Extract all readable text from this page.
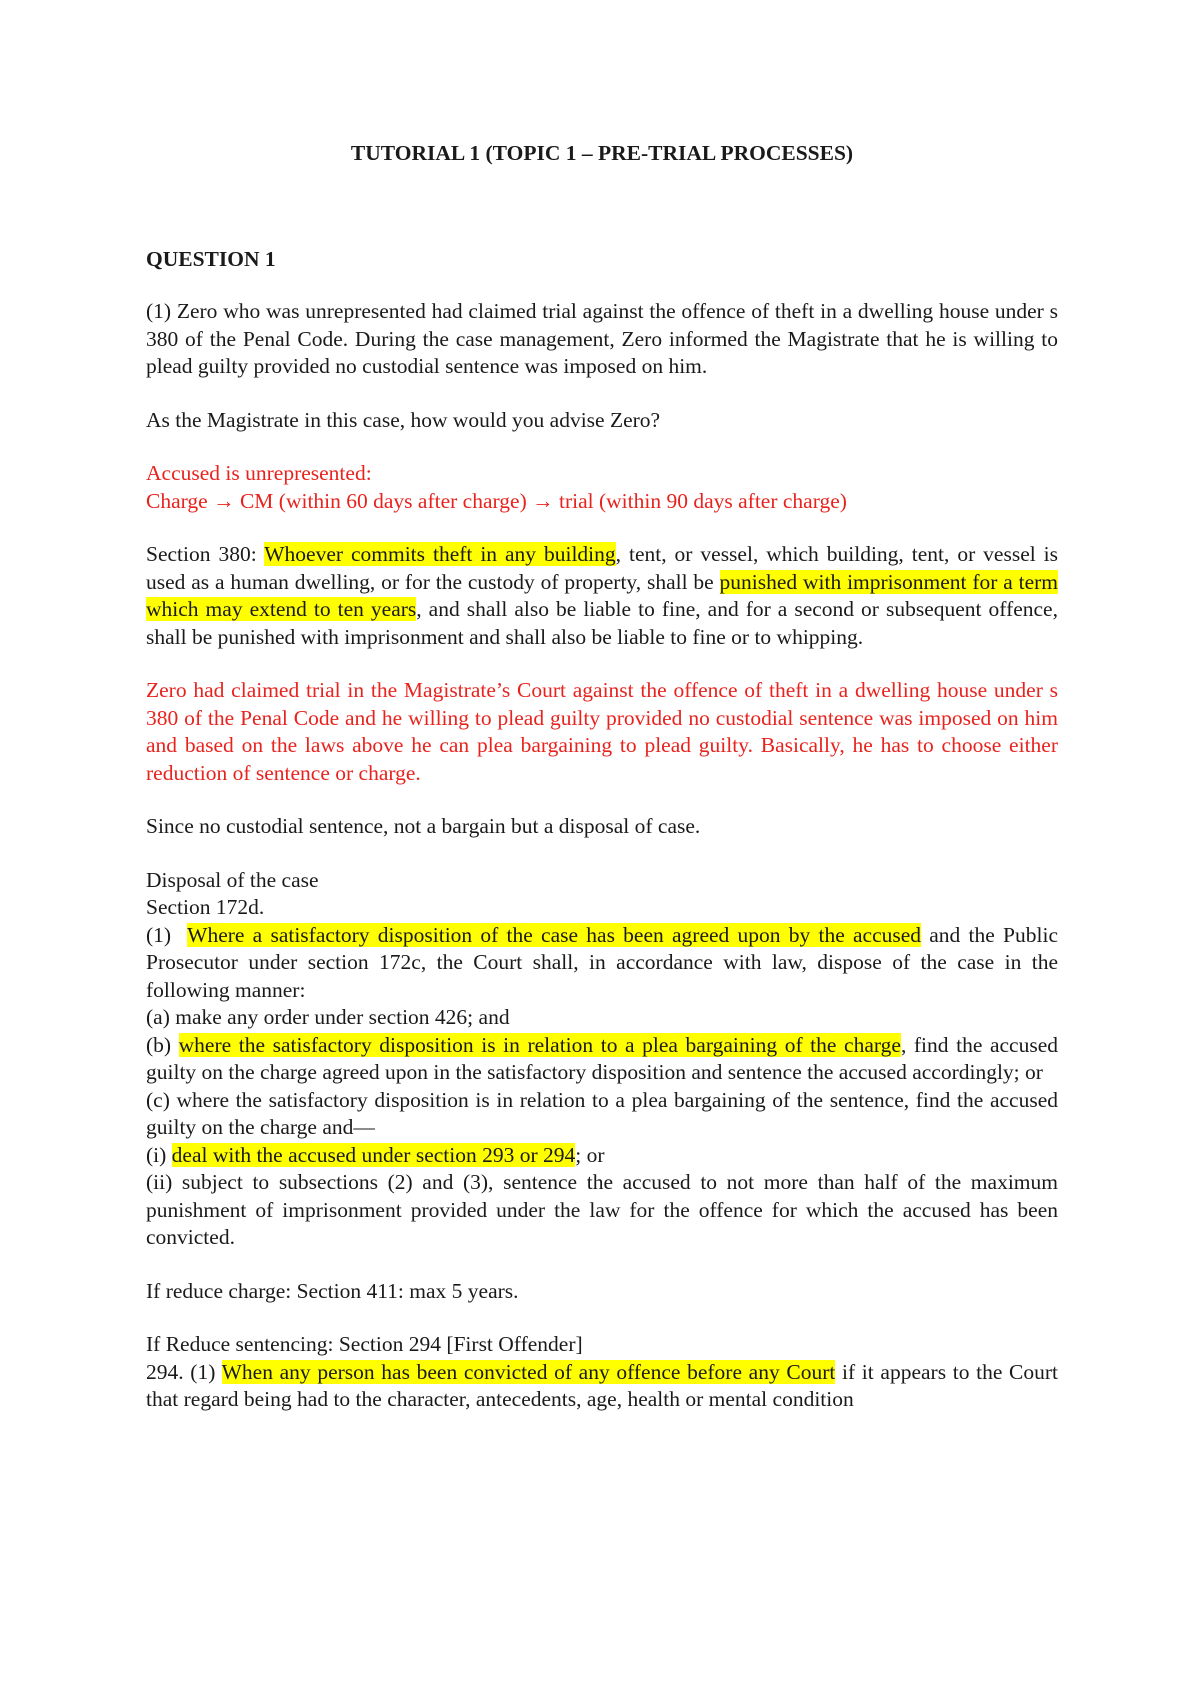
TUTORIAL 1 (TOPIC 1 – PRE-TRIAL PROCESSES)
QUESTION 1

(1) Zero who was unrepresented had claimed trial against the offence of theft in a dwelling house under s 380 of the Penal Code. During the case management, Zero informed the Magistrate that he is willing to plead guilty provided no custodial sentence was imposed on him.

As the Magistrate in this case, how would you advise Zero?

Accused is unrepresented:
Charge → CM (within 60 days after charge) → trial (within 90 days after charge)

Section 380: Whoever commits theft in any building, tent, or vessel, which building, tent, or vessel is used as a human dwelling, or for the custody of property, shall be punished with imprisonment for a term which may extend to ten years, and shall also be liable to fine, and for a second or subsequent offence, shall be punished with imprisonment and shall also be liable to fine or to whipping.

Zero had claimed trial in the Magistrate’s Court against the offence of theft in a dwelling house under s 380 of the Penal Code and he willing to plead guilty provided no custodial sentence was imposed on him and based on the laws above he can plea bargaining to plead guilty. Basically, he has to choose either reduction of sentence or charge.

Since no custodial sentence, not a bargain but a disposal of case.

Disposal of the case
Section 172d.
(1)  Where a satisfactory disposition of the case has been agreed upon by the accused and the Public Prosecutor under section 172c, the Court shall, in accordance with law, dispose of the case in the following manner:
(a) make any order under section 426; and
(b) where the satisfactory disposition is in relation to a plea bargaining of the charge, find the accused guilty on the charge agreed upon in the satisfactory disposition and sentence the accused accordingly; or
(c) where the satisfactory disposition is in relation to a plea bargaining of the sentence, find the accused guilty on the charge and—
(i) deal with the accused under section 293 or 294; or
(ii) subject to subsections (2) and (3), sentence the accused to not more than half of the maximum punishment of imprisonment provided under the law for the offence for which the accused has been convicted.

If reduce charge: Section 411: max 5 years.

If Reduce sentencing: Section 294 [First Offender]
294. (1) When any person has been convicted of any offence before any Court if it appears to the Court that regard being had to the character, antecedents, age, health or mental condition
